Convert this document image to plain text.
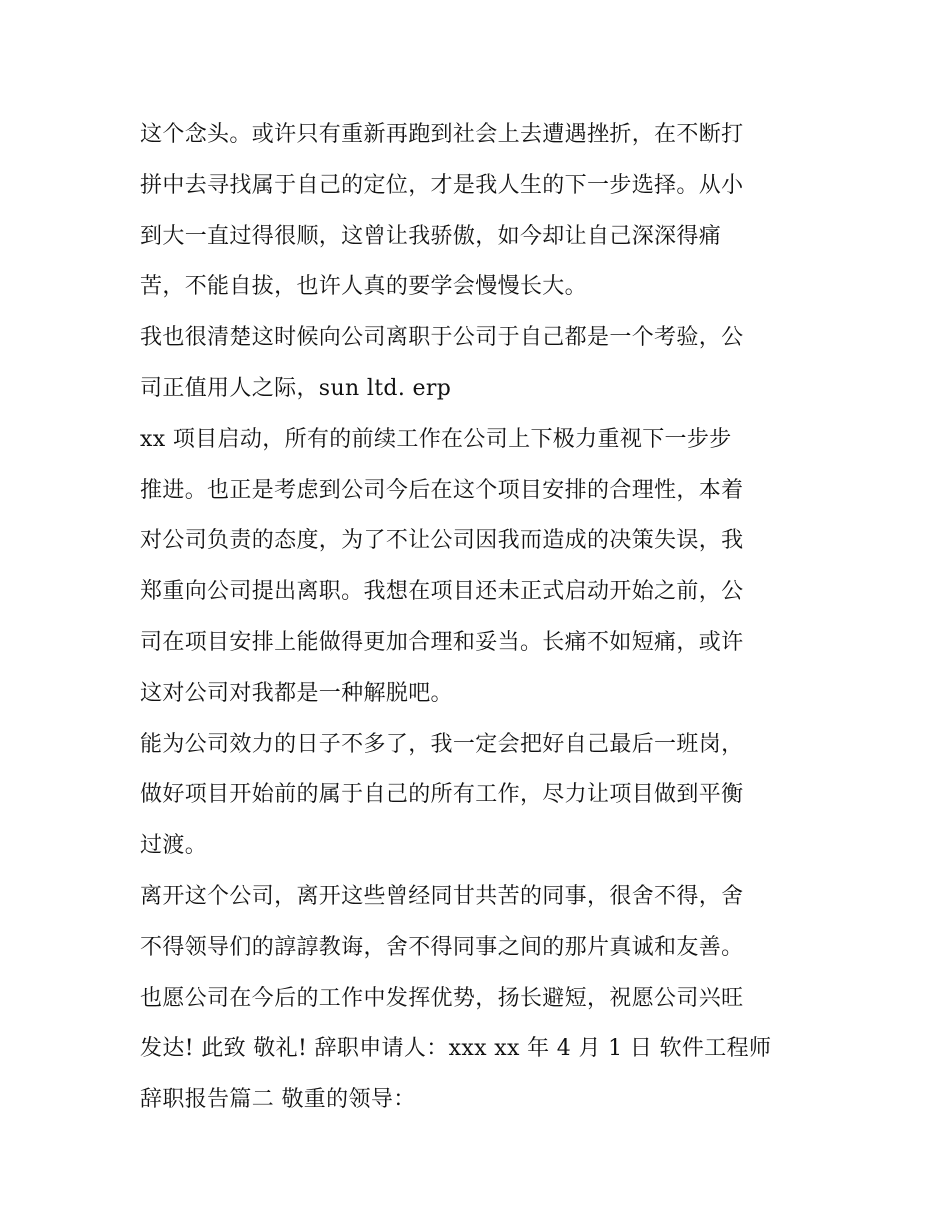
这个念头。或许只有重新再跑到社会上去遭遇挫折，在不断打
拼中去寻找属于自己的定位，才是我人生的下一步选择。从小
到大一直过得很顺，这曾让我骄傲，如今却让自己深深得痛
苦，不能自拔，也许人真的要学会慢慢长大。
我也很清楚这时候向公司离职于公司于自己都是一个考验，公
司正值用人之际，sun ltd. erp
xx 项目启动，所有的前续工作在公司上下极力重视下一步步
推进。也正是考虑到公司今后在这个项目安排的合理性，本着
对公司负责的态度，为了不让公司因我而造成的决策失误，我
郑重向公司提出离职。我想在项目还未正式启动开始之前，公
司在项目安排上能做得更加合理和妥当。长痛不如短痛，或许
这对公司对我都是一种解脱吧。
能为公司效力的日子不多了，我一定会把好自己最后一班岗，
做好项目开始前的属于自己的所有工作，尽力让项目做到平衡
过渡。
离开这个公司，离开这些曾经同甘共苦的同事，很舍不得，舍
不得领导们的諄諄教诲，舍不得同事之间的那片真诚和友善。
也愿公司在今后的工作中发挥优势，扬长避短，祝愿公司兴旺
发达! 此致 敬礼! 辞职申请人：xxx xx 年 4 月 1 日 软件工程师
辞职报告篇二 敬重的领导：
